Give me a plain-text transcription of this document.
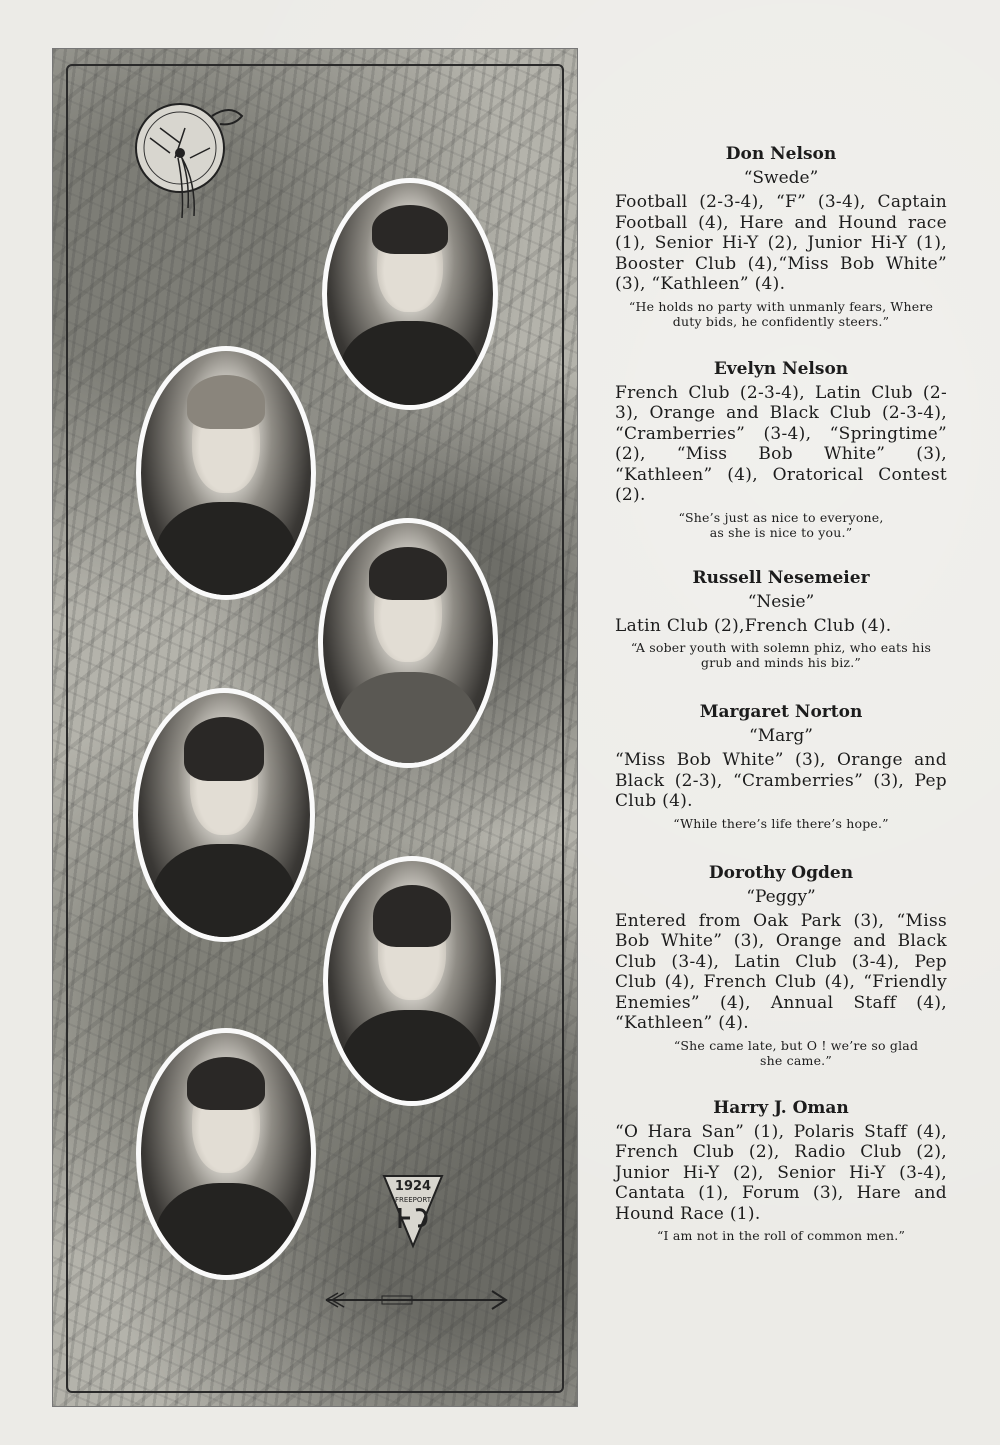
1924
FREEPORT

Don Nelson

“Swede”

Football (2-3-4), “F” (3-4), Captain Football (4), Hare and Hound race (1), Senior Hi-Y (2), Junior Hi-Y (1), Booster Club (4),“Miss Bob White” (3), “Kathleen” (4).

“He holds no party with unmanly fears, Where duty bids, he confidently steers.”

Evelyn Nelson

French Club (2-3-4), Latin Club (2-3), Orange and Black Club (2-3-4), “Cramberries” (3-4), “Springtime” (2), “Miss Bob White” (3), “Kathleen” (4), Oratorical Contest (2).

“She’s just as nice to everyone, as she is nice to you.”

Russell Nesemeier

“Nesie”

Latin Club (2),French Club (4).

“A sober youth with solemn phiz, who eats his grub and minds his biz.”

Margaret Norton

“Marg”

“Miss Bob White” (3), Orange and Black (2-3), “Cramberries” (3), Pep Club (4).

“While there’s life there’s hope.”

Dorothy Ogden

“Peggy”

Entered from Oak Park (3), “Miss Bob White” (3), Orange and Black Club (3-4), Latin Club (3-4), Pep Club (4), French Club (4), “Friendly Enemies” (4), Annual Staff (4), “Kathleen” (4).

“She came late, but O ! we’re so glad she came.”

Harry J. Oman

“O Hara San” (1), Polaris Staff (4), French Club (2), Radio Club (2), Junior Hi-Y (2), Senior Hi-Y (3-4), Cantata (1), Forum (3), Hare and Hound Race (1).

“I am not in the roll of common men.”
